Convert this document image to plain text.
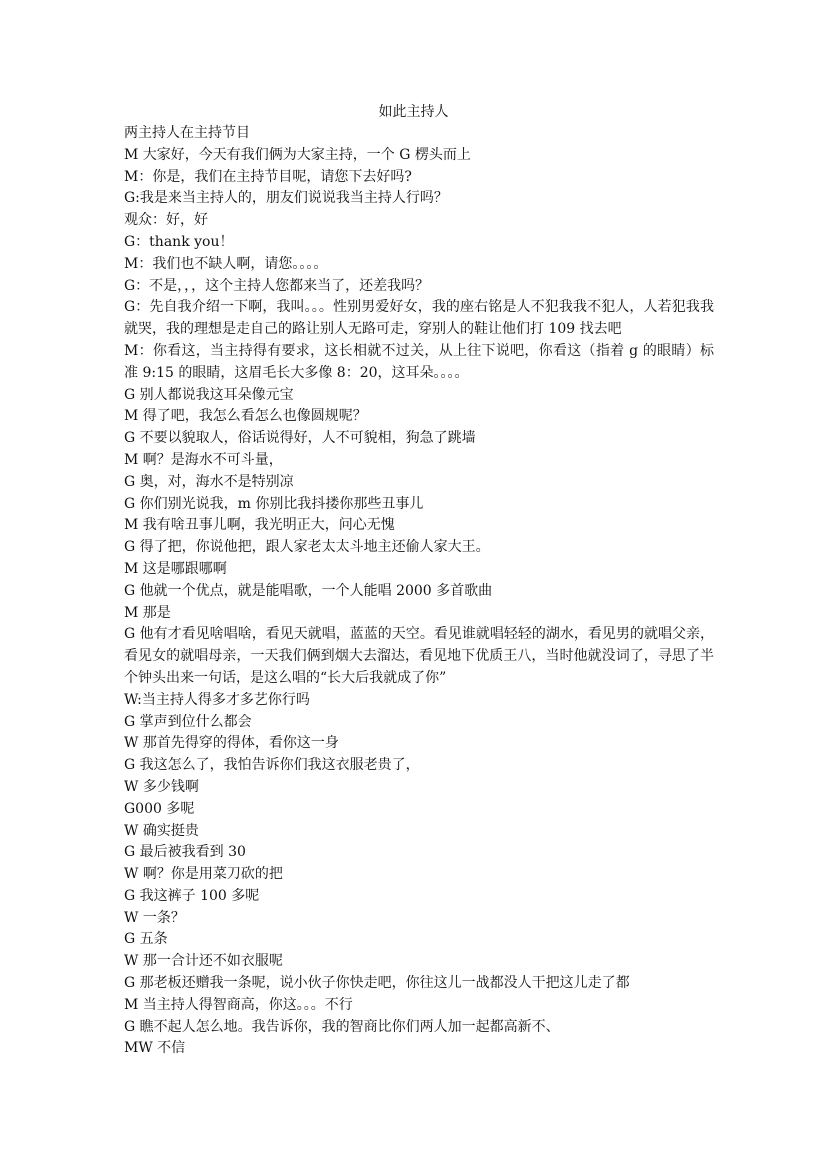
如此主持人
两主持人在主持节目
M 大家好，今天有我们俩为大家主持，一个 G 楞头而上
M：你是，我们在主持节目呢，请您下去好吗?
G:我是来当主持人的，朋友们说说我当主持人行吗？
观众：好，好
G：thank you！
M：我们也不缺人啊，请您。。。。
G：不是，，，这个主持人您都来当了，还差我吗？
G：先自我介绍一下啊，我叫。。。性别男爱好女，我的座右铭是人不犯我我不犯人，人若犯我我就哭，我的理想是走自己的路让别人无路可走，穿别人的鞋让他们打 109 找去吧
M：你看这，当主持得有要求，这长相就不过关，从上往下说吧，你看这（指着 g 的眼睛）标准 9:15 的眼睛，这眉毛长大多像 8：20，这耳朵。。。。
G 别人都说我这耳朵像元宝
M 得了吧，我怎么看怎么也像圆规呢？
G 不要以貌取人，俗话说得好，人不可貌相，狗急了跳墙
M 啊？是海水不可斗量，
G 奥，对，海水不是特别凉
G 你们别光说我，m 你别比我抖搂你那些丑事儿
M 我有啥丑事儿啊，我光明正大，问心无愧
G 得了把，你说他把，跟人家老太太斗地主还偷人家大王。
M 这是哪跟哪啊
G 他就一个优点，就是能唱歌，一个人能唱 2000 多首歌曲
M 那是
G 他有才看见啥唱啥，看见天就唱，蓝蓝的天空。看见谁就唱轻轻的湖水，看见男的就唱父亲，看见女的就唱母亲，一天我们俩到烟大去溜达，看见地下优质王八，当时他就没词了，寻思了半个钟头出来一句话，是这么唱的“长大后我就成了你”
W:当主持人得多才多艺你行吗
G 掌声到位什么都会
W 那首先得穿的得体，看你这一身
G 我这怎么了，我怕告诉你们我这衣服老贵了，
W 多少钱啊
G000 多呢
W 确实挺贵
G 最后被我看到 30
W 啊？你是用菜刀砍的把
G 我这裤子 100 多呢
W 一条？
G 五条
W 那一合计还不如衣服呢
G 那老板还赠我一条呢，说小伙子你快走吧，你往这儿一战都没人干把这儿走了都
M 当主持人得智商高，你这。。。不行
G 瞧不起人怎么地。我告诉你，我的智商比你们两人加一起都高新不、
MW 不信
